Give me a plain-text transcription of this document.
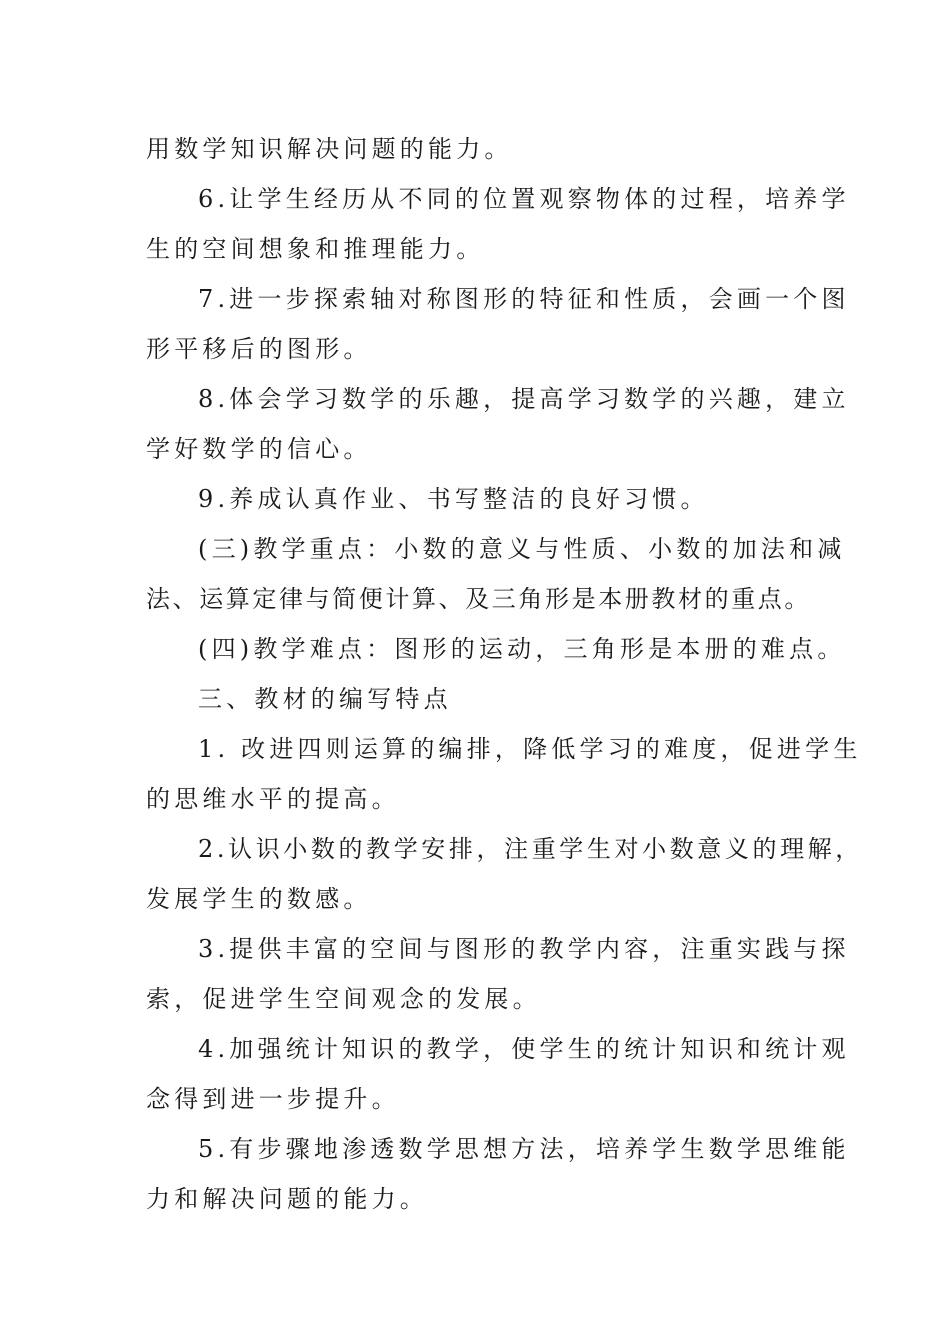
用数学知识解决问题的能力。
6.让学生经历从不同的位置观察物体的过程，培养学
生的空间想象和推理能力。
7.进一步探索轴对称图形的特征和性质，会画一个图
形平移后的图形。
8.体会学习数学的乐趣，提高学习数学的兴趣，建立
学好数学的信心。
9.养成认真作业、书写整洁的良好习惯。
(三)教学重点：小数的意义与性质、小数的加法和减
法、运算定律与简便计算、及三角形是本册教材的重点。
(四)教学难点：图形的运动，三角形是本册的难点。
三、教材的编写特点
1. 改进四则运算的编排，降低学习的难度，促进学生
的思维水平的提高。
2.认识小数的教学安排，注重学生对小数意义的理解，
发展学生的数感。
3.提供丰富的空间与图形的教学内容，注重实践与探
索，促进学生空间观念的发展。
4.加强统计知识的教学，使学生的统计知识和统计观
念得到进一步提升。
5.有步骤地渗透数学思想方法，培养学生数学思维能
力和解决问题的能力。
